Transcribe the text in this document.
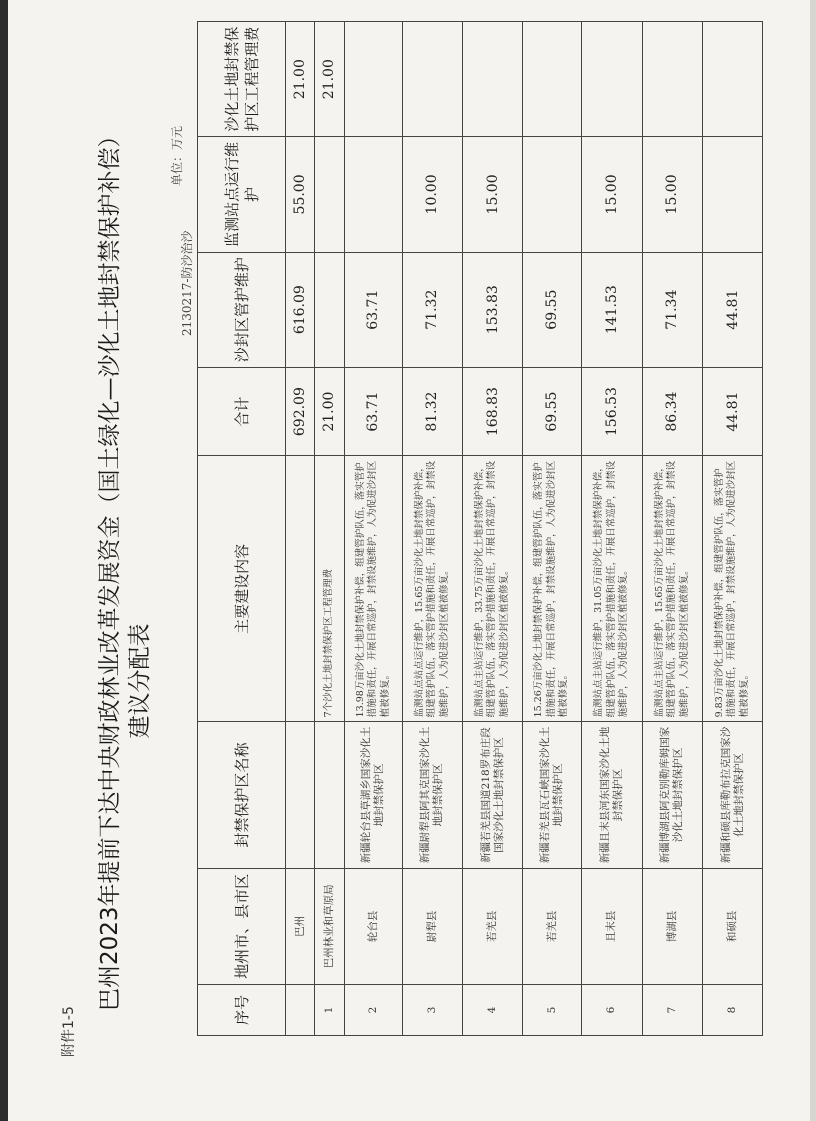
附件1-5
巴州2023年提前下达中央财政林业改革发展资金（国土绿化—沙化土地封禁保护补偿） 建议分配表
2130217-防沙治沙
单位：万元
序号	地州市、县市区	封禁保护区名称	主要建设内容	合计	沙封区管护维护	监测站点运行维护	沙化土地封禁保护区工程管理费
	巴州			692.09	616.09	55.00	21.00
1	巴州林业和草原局		7个沙化土地封禁保护区工程管理费	21.00			21.00
2	轮台县	新疆轮台县草湖乡国家沙化土地封禁保护区	13.98万亩沙化土地封禁保护补偿，组建管护队伍，落实管护措施和责任，开展日常巡护，封禁设施维护，人为促进沙封区植被修复。	63.71	63.71		
3	尉犁县	新疆尉犁县阿其克国家沙化土地封禁保护区	监测站点站点运行维护，15.65万亩沙化土地封禁保护补偿，组建管护队伍，落实管护措施和责任，开展日常巡护，封禁设施维护，人为促进沙封区植被修复。	81.32	71.32	10.00	
4	若羌县	新疆若羌县国道218罗布庄段国家沙化土地封禁保护区	监测站点主站运行维护，33.75万亩沙化土地封禁保护补偿，组建管护队伍，落实管护措施和责任，开展日常巡护，封禁设施维护，人为促进沙封区植被修复。	168.83	153.83	15.00	
5	若羌县	新疆若羌县瓦石峡国家沙化土地封禁保护区	15.26万亩沙化土地封禁保护补偿，组建管护队伍，落实管护措施和责任，开展日常巡护，封禁设施维护，人为促进沙封区植被修复。	69.55	69.55		
6	且末县	新疆且末县河东国家沙化土地封禁保护区	监测站点主站运行维护，31.05万亩沙化土地封禁保护补偿，组建管护队伍，落实管护措施和责任，开展日常巡护，封禁设施维护，人为促进沙封区植被修复。	156.53	141.53	15.00	
7	博湖县	新疆博湖县阿克别勒库姆国家沙化土地封禁保护区	监测站点主站运行维护，15.65万亩沙化土地封禁保护补偿，组建管护队伍，落实管护措施和责任，开展日常巡护，封禁设施维护，人为促进沙封区植被修复。	86.34	71.34	15.00	
8	和硕县	新疆和硕县库勒布拉克国家沙化土地封禁保护区	9.83万亩沙化土地封禁保护补偿，组建管护队伍，落实管护措施和责任，开展日常巡护，封禁设施维护，人为促进沙封区植被修复。	44.81	44.81		
